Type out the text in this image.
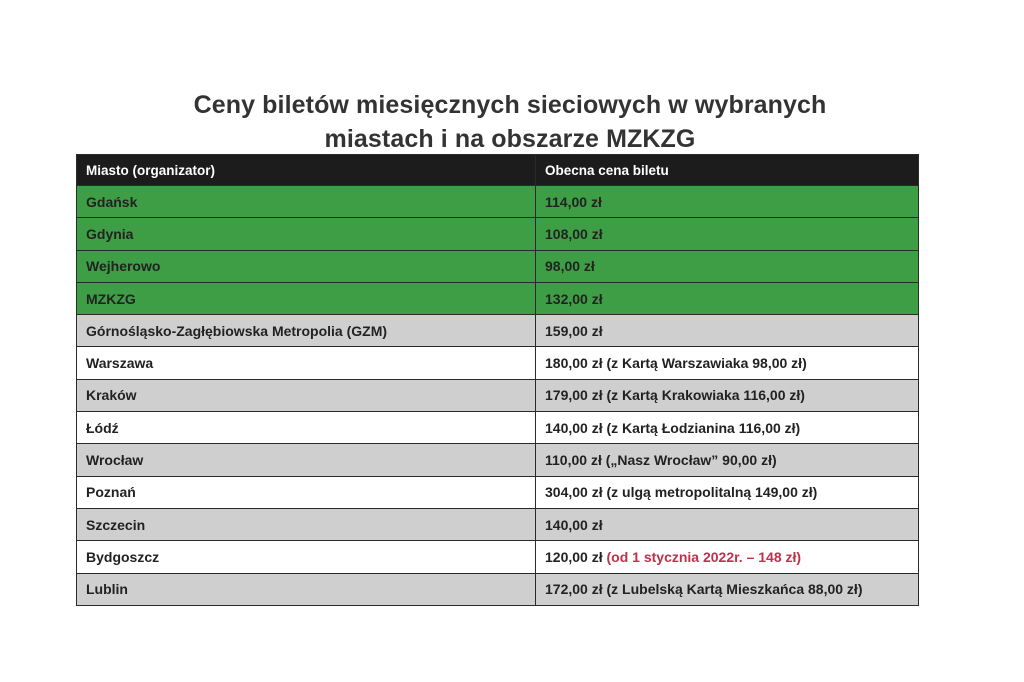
Ceny biletów miesięcznych sieciowych w wybranych
miastach i na obszarze MZKZG
Miasto (organizator)	Obecna cena biletu
Gdańsk	114,00 zł
Gdynia	108,00 zł
Wejherowo	98,00 zł
MZKZG	132,00 zł
Górnośląsko-Zagłębiowska Metropolia (GZM)	159,00 zł
Warszawa	180,00 zł (z Kartą Warszawiaka 98,00 zł)
Kraków	179,00 zł (z Kartą Krakowiaka 116,00 zł)
Łódź	140,00 zł (z Kartą Łodzianina 116,00 zł)
Wrocław	110,00 zł („Nasz Wrocław” 90,00 zł)
Poznań	304,00 zł (z ulgą metropolitalną 149,00 zł)
Szczecin	140,00 zł
Bydgoszcz	120,00 zł (od 1 stycznia 2022r. – 148 zł)
Lublin	172,00 zł (z Lubelską Kartą Mieszkańca 88,00 zł)
